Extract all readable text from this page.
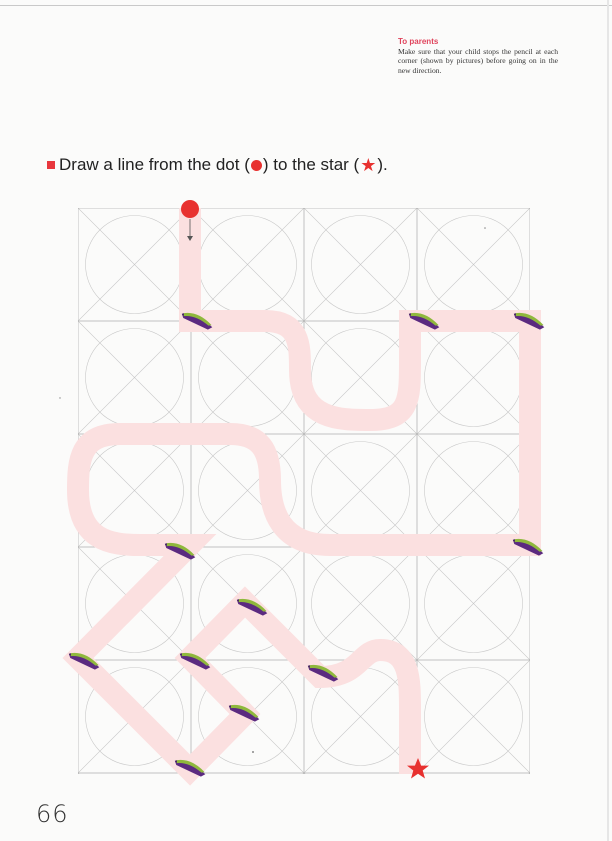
To parents
Make sure that your child stops the pencil at each corner (shown by pictures) before going on in the new direction.
Draw a line from the dot ( ) to the star ( ★ ).
66
